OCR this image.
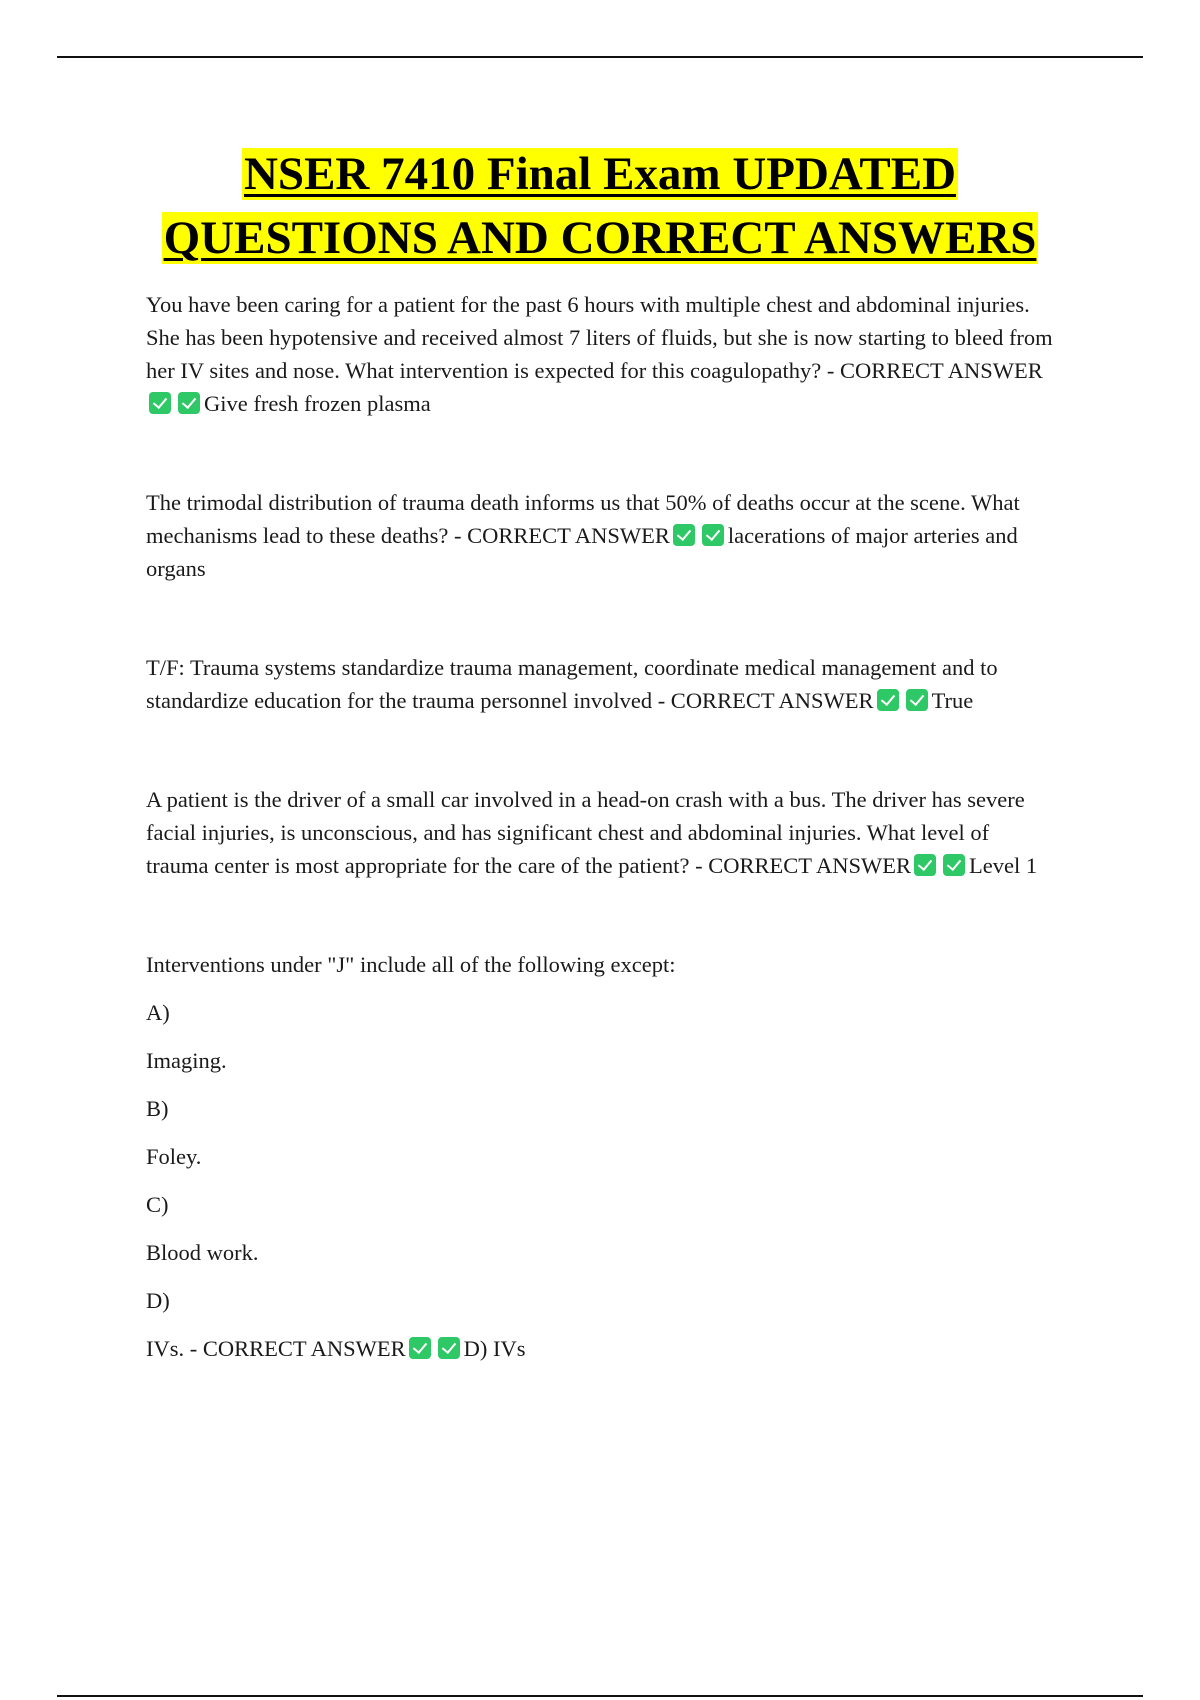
NSER 7410 Final Exam UPDATED
QUESTIONS AND CORRECT ANSWERS

You have been caring for a patient for the past 6 hours with multiple chest and abdominal injuries. She has been hypotensive and received almost 7 liters of fluids, but she is now starting to bleed from her IV sites and nose. What intervention is expected for this coagulopathy? - CORRECT ANSWERGive fresh frozen plasma

The trimodal distribution of trauma death informs us that 50% of deaths occur at the scene. What mechanisms lead to these deaths? - CORRECT ANSWER	lacerations of major arteries and organs

T/F: Trauma systems standardize trauma management, coordinate medical management and to standardize education for the trauma personnel involved - CORRECT ANSWER	True

A patient is the driver of a small car involved in a head-on crash with a bus. The driver has severe facial injuries, is unconscious, and has significant chest and abdominal injuries. What level of trauma center is most appropriate for the care of the patient? - CORRECT ANSWER	Level 1

Interventions under "J" include all of the following except:

A)

Imaging.

B)

Foley.

C)

Blood work.

D)

IVs. - CORRECT ANSWER	D) IVs
